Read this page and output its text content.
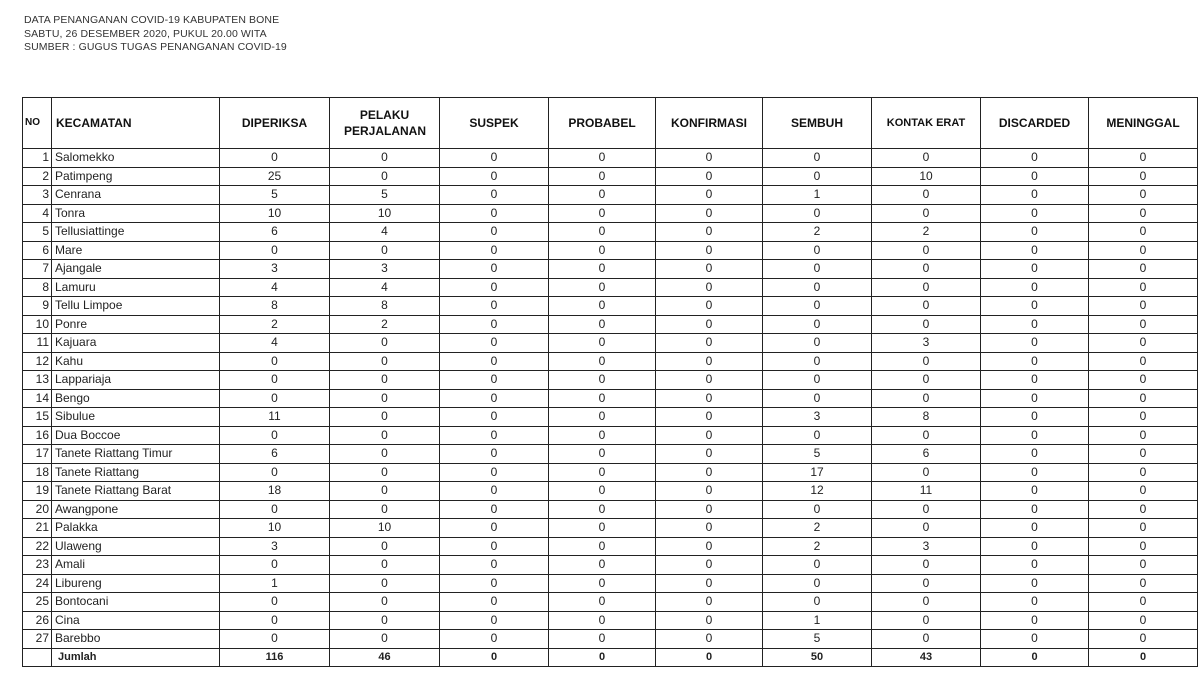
DATA PENANGANAN COVID-19 KABUPATEN BONE
SABTU, 26 DESEMBER 2020, PUKUL 20.00 WITA
SUMBER : GUGUS TUGAS PENANGANAN COVID-19
NO	KECAMATAN	DIPERIKSA	PELAKU PERJALANAN	SUSPEK	PROBABEL	KONFIRMASI	SEMBUH	KONTAK ERAT	DISCARDED	MENINGGAL
1	Salomekko	0	0	0	0	0	0	0	0	0
2	Patimpeng	25	0	0	0	0	0	10	0	0
3	Cenrana	5	5	0	0	0	1	0	0	0
4	Tonra	10	10	0	0	0	0	0	0	0
5	Tellusiattinge	6	4	0	0	0	2	2	0	0
6	Mare	0	0	0	0	0	0	0	0	0
7	Ajangale	3	3	0	0	0	0	0	0	0
8	Lamuru	4	4	0	0	0	0	0	0	0
9	Tellu Limpoe	8	8	0	0	0	0	0	0	0
10	Ponre	2	2	0	0	0	0	0	0	0
11	Kajuara	4	0	0	0	0	0	3	0	0
12	Kahu	0	0	0	0	0	0	0	0	0
13	Lappariaja	0	0	0	0	0	0	0	0	0
14	Bengo	0	0	0	0	0	0	0	0	0
15	Sibulue	11	0	0	0	0	3	8	0	0
16	Dua Boccoe	0	0	0	0	0	0	0	0	0
17	Tanete Riattang Timur	6	0	0	0	0	5	6	0	0
18	Tanete Riattang	0	0	0	0	0	17	0	0	0
19	Tanete Riattang Barat	18	0	0	0	0	12	11	0	0
20	Awangpone	0	0	0	0	0	0	0	0	0
21	Palakka	10	10	0	0	0	2	0	0	0
22	Ulaweng	3	0	0	0	0	2	3	0	0
23	Amali	0	0	0	0	0	0	0	0	0
24	Libureng	1	0	0	0	0	0	0	0	0
25	Bontocani	0	0	0	0	0	0	0	0	0
26	Cina	0	0	0	0	0	1	0	0	0
27	Barebbo	0	0	0	0	0	5	0	0	0
	Jumlah	116	46	0	0	0	50	43	0	0
